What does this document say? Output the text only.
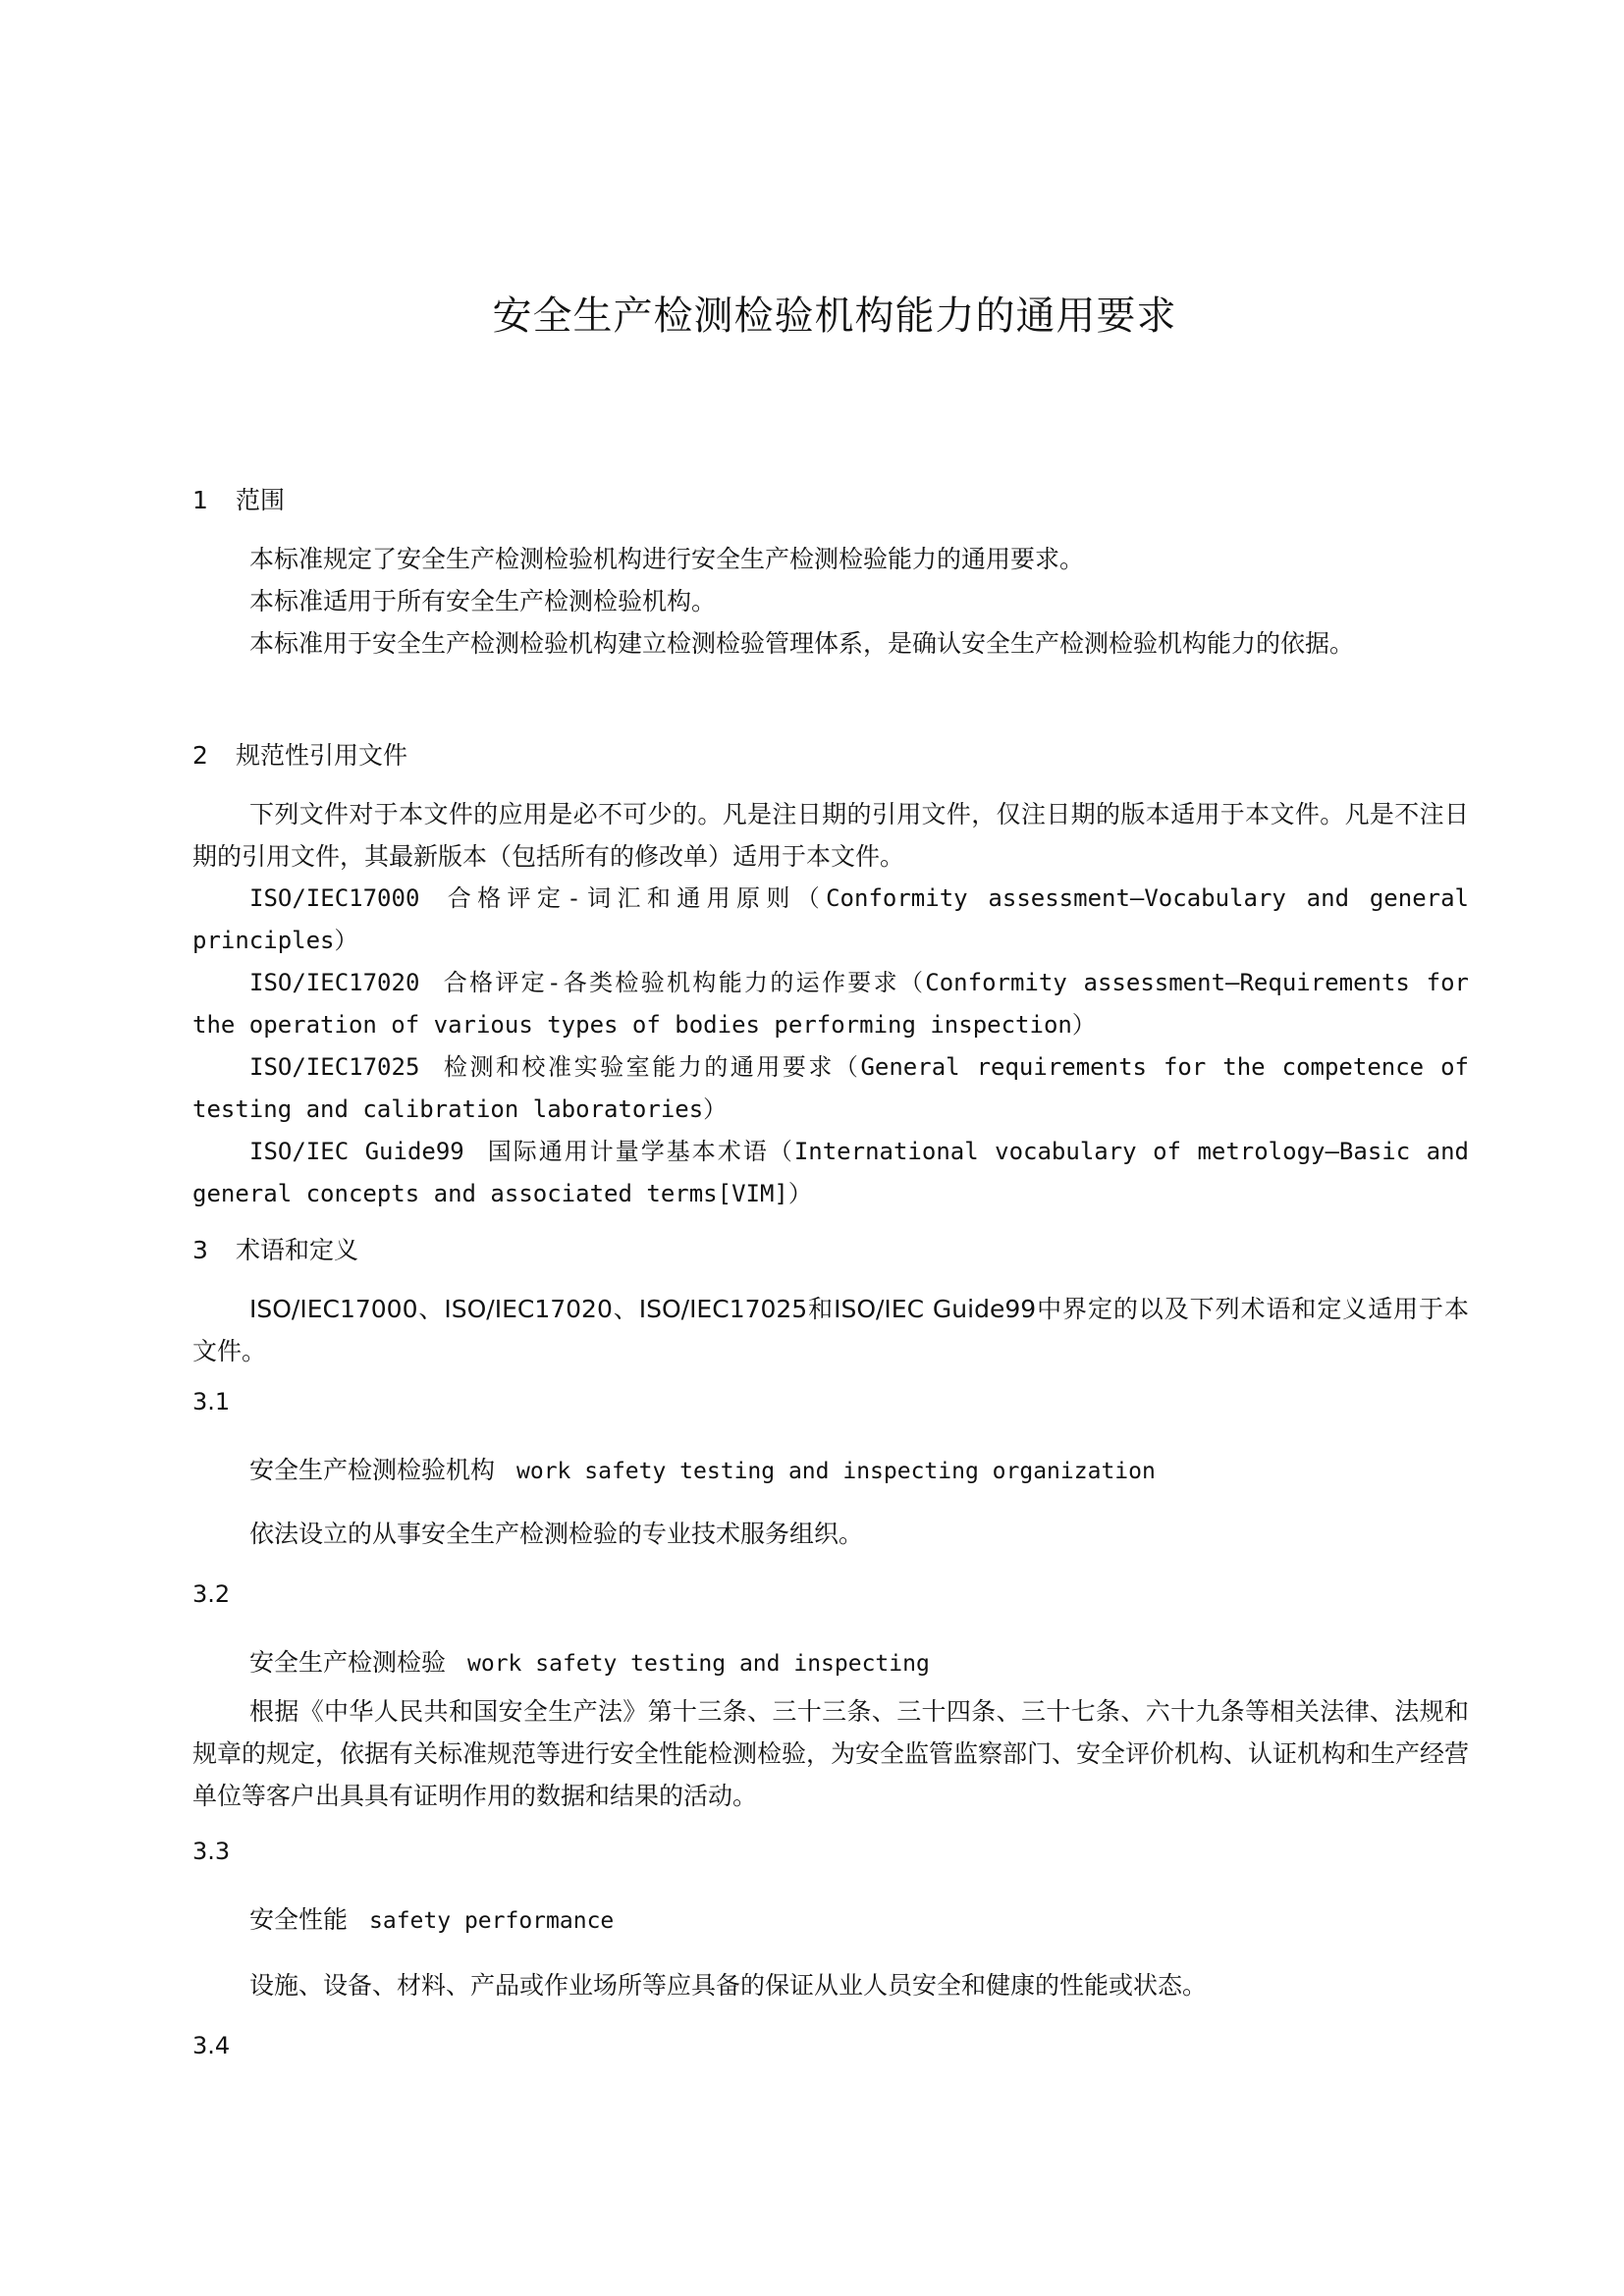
安全生产检测检验机构能力的通用要求
1 范围
本标准规定了安全生产检测检验机构进行安全生产检测检验能力的通用要求。
本标准适用于所有安全生产检测检验机构。
本标准用于安全生产检测检验机构建立检测检验管理体系，是确认安全生产检测检验机构能力的依据。
2 规范性引用文件
下列文件对于本文件的应用是必不可少的。凡是注日期的引用文件，仅注日期的版本适用于本文件。凡是不注日期的引用文件，其最新版本（包括所有的修改单）适用于本文件。
ISO/IEC17000 合格评定-词汇和通用原则（Conformity assessment—Vocabulary and general principles）
ISO/IEC17020 合格评定-各类检验机构能力的运作要求（Conformity assessment—Requirements for the operation of various types of bodies performing inspection）
ISO/IEC17025 检测和校准实验室能力的通用要求（General requirements for the competence of testing and calibration laboratories）
ISO/IEC Guide99 国际通用计量学基本术语（International vocabulary of metrology—Basic and general concepts and associated terms[VIM]）
3 术语和定义
ISO/IEC17000、ISO/IEC17020、ISO/IEC17025和ISO/IEC Guide99中界定的以及下列术语和定义适用于本文件。
3.1
安全生产检测检验机构 work safety testing and inspecting organization
依法设立的从事安全生产检测检验的专业技术服务组织。
3.2
安全生产检测检验 work safety testing and inspecting
根据《中华人民共和国安全生产法》第十三条、三十三条、三十四条、三十七条、六十九条等相关法律、法规和规章的规定，依据有关标准规范等进行安全性能检测检验，为安全监管监察部门、安全评价机构、认证机构和生产经营单位等客户出具具有证明作用的数据和结果的活动。
3.3
安全性能 safety performance
设施、设备、材料、产品或作业场所等应具备的保证从业人员安全和健康的性能或状态。
3.4
